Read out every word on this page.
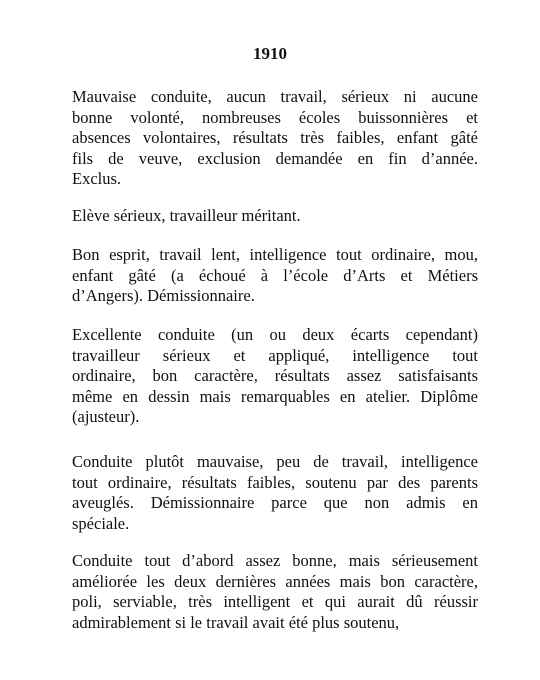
1910
Mauvaise conduite, aucun travail, sérieux ni aucune
bonne volonté, nombreuses écoles buissonnières et
absences volontaires, résultats très faibles, enfant gâté
fils de veuve, exclusion demandée en fin d’année.
Exclus.
Elève sérieux, travailleur méritant.
Bon esprit, travail lent, intelligence tout ordinaire, mou,
enfant gâté (a échoué à l’école d’Arts et Métiers
d’Angers). Démissionnaire.
Excellente conduite (un ou deux écarts cependant)
travailleur sérieux et appliqué, intelligence tout
ordinaire, bon caractère, résultats assez satisfaisants
même en dessin mais remarquables en atelier. Diplôme
(ajusteur).
Conduite plutôt mauvaise, peu de travail, intelligence
tout ordinaire, résultats faibles, soutenu par des parents
aveuglés. Démissionnaire parce que non admis en
spéciale.
Conduite tout d’abord assez bonne, mais sérieusement
améliorée les deux dernières années mais bon caractère,
poli, serviable, très intelligent et qui aurait dû réussir
admirablement si le travail avait été plus soutenu,
